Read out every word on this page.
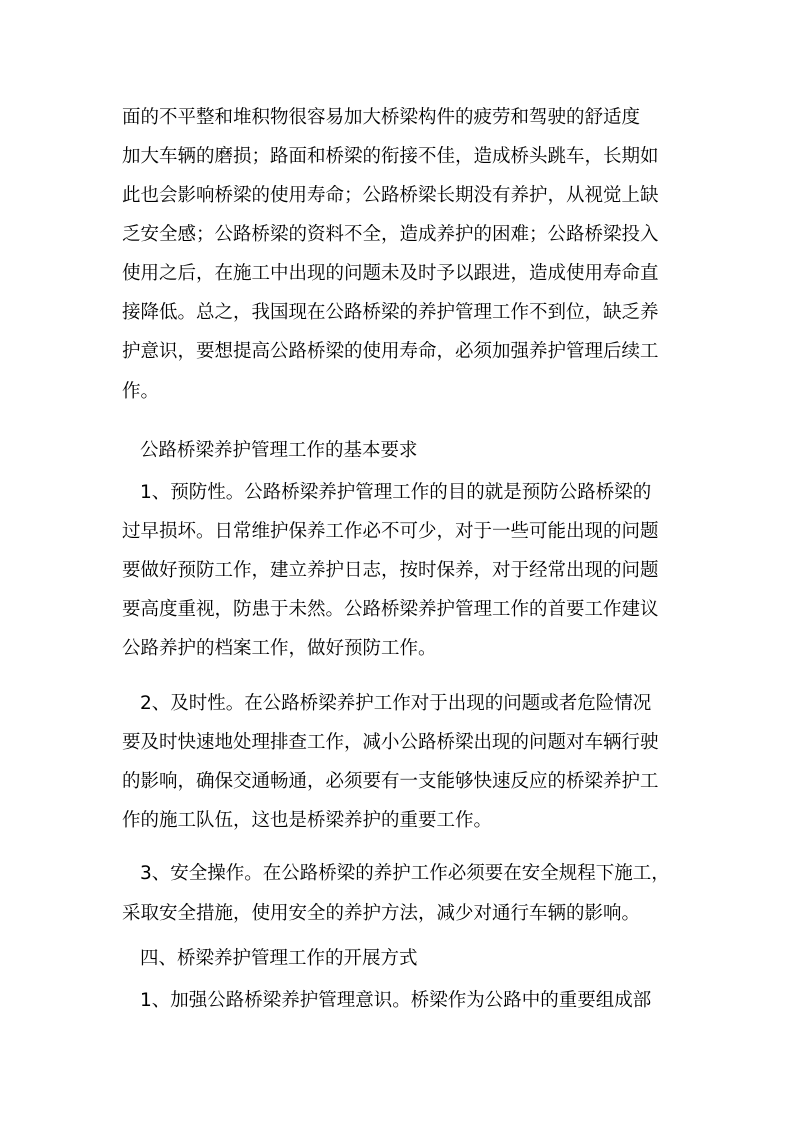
面的不平整和堆积物很容易加大桥梁构件的疲劳和驾驶的舒适度
加大车辆的磨损；路面和桥梁的衔接不佳，造成桥头跳车，长期如
此也会影响桥梁的使用寿命；公路桥梁长期没有养护，从视觉上缺
乏安全感；公路桥梁的资料不全，造成养护的困难；公路桥梁投入
使用之后，在施工中出现的问题未及时予以跟进，造成使用寿命直
接降低。总之，我国现在公路桥梁的养护管理工作不到位，缺乏养
护意识，要想提高公路桥梁的使用寿命，必须加强养护管理后续工
作。
公路桥梁养护管理工作的基本要求
1、预防性。公路桥梁养护管理工作的目的就是预防公路桥梁的
过早损坏。日常维护保养工作必不可少，对于一些可能出现的问题
要做好预防工作，建立养护日志，按时保养，对于经常出现的问题
要高度重视，防患于未然。公路桥梁养护管理工作的首要工作建议
公路养护的档案工作，做好预防工作。
2、及时性。在公路桥梁养护工作对于出现的问题或者危险情况
要及时快速地处理排查工作，减小公路桥梁出现的问题对车辆行驶
的影响，确保交通畅通，必须要有一支能够快速反应的桥梁养护工
作的施工队伍，这也是桥梁养护的重要工作。
3、安全操作。在公路桥梁的养护工作必须要在安全规程下施工，
采取安全措施，使用安全的养护方法，减少对通行车辆的影响。
四、桥梁养护管理工作的开展方式
1、加强公路桥梁养护管理意识。桥梁作为公路中的重要组成部
